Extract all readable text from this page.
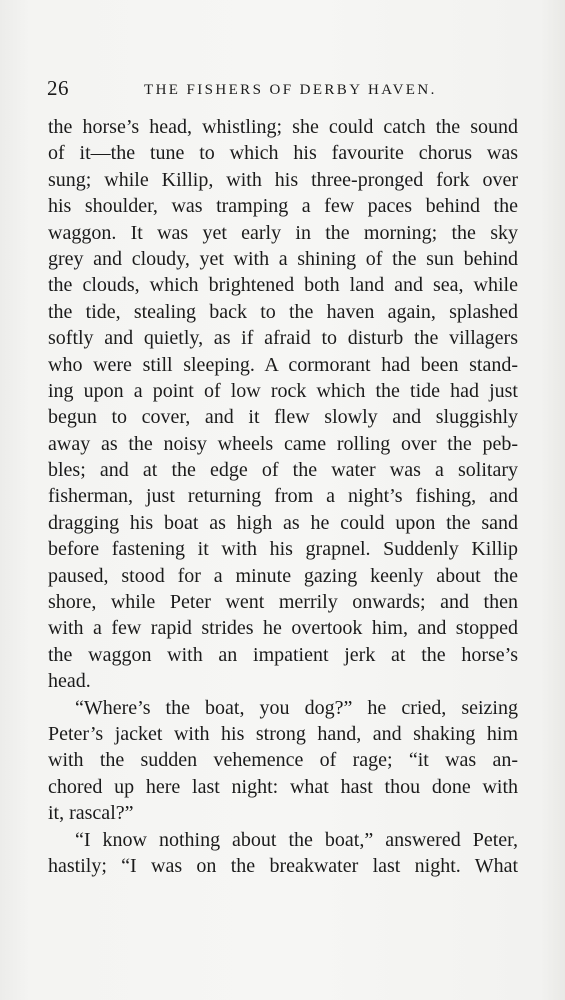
26	THE FISHERS OF DERBY HAVEN.
the horse’s head, whistling; she could catch the sound
of it—the tune to which his favourite chorus was
sung; while Killip, with his three-pronged fork over
his shoulder, was tramping a few paces behind the
waggon. It was yet early in the morning; the sky
grey and cloudy, yet with a shining of the sun behind
the clouds, which brightened both land and sea, while
the tide, stealing back to the haven again, splashed
softly and quietly, as if afraid to disturb the villagers
who were still sleeping. A cormorant had been stand-
ing upon a point of low rock which the tide had just
begun to cover, and it flew slowly and sluggishly
away as the noisy wheels came rolling over the peb-
bles; and at the edge of the water was a solitary
fisherman, just returning from a night’s fishing, and
dragging his boat as high as he could upon the sand
before fastening it with his grapnel. Suddenly Killip
paused, stood for a minute gazing keenly about the
shore, while Peter went merrily onwards; and then
with a few rapid strides he overtook him, and stopped
the waggon with an impatient jerk at the horse’s
head.
“Where’s the boat, you dog?” he cried, seizing
Peter’s jacket with his strong hand, and shaking him
with the sudden vehemence of rage; “it was an-
chored up here last night: what hast thou done with
it, rascal?”
“I know nothing about the boat,” answered Peter,
hastily; “I was on the breakwater last night. What
